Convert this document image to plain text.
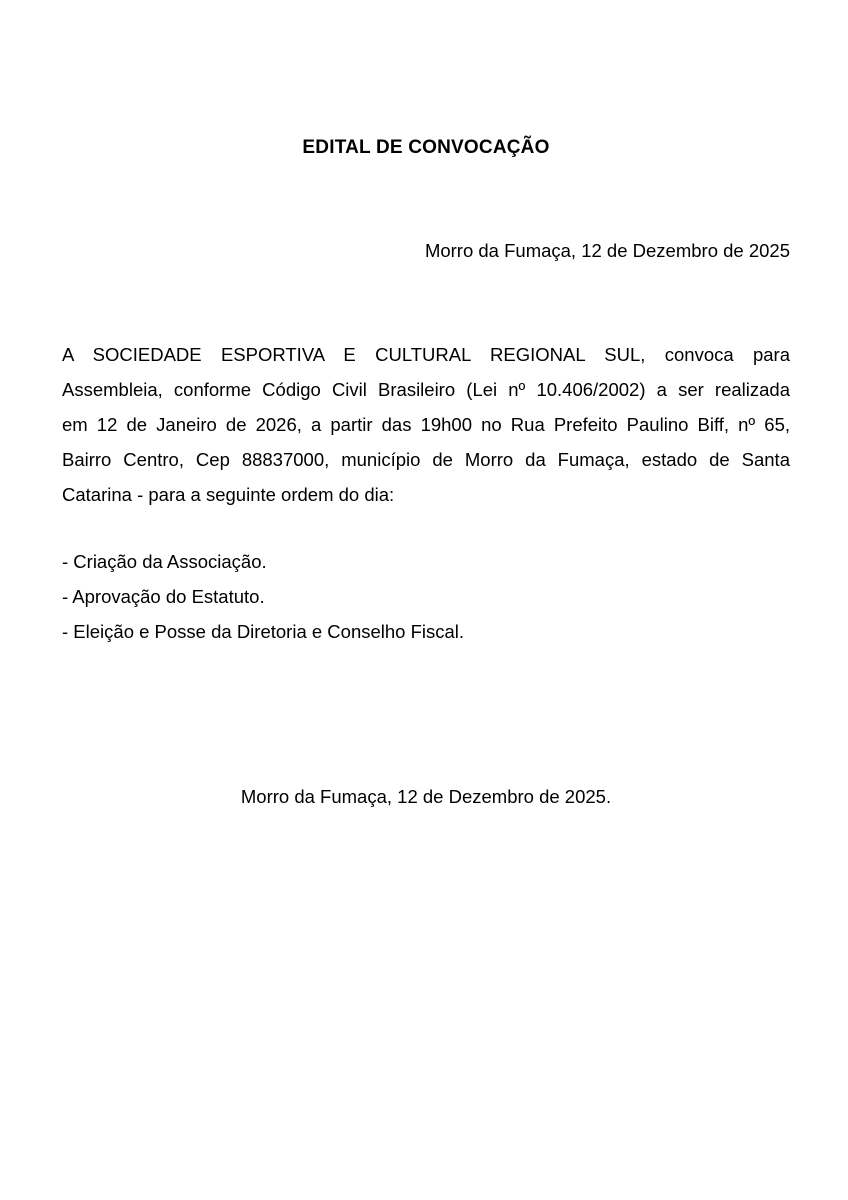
EDITAL DE CONVOCAÇÃO
Morro da Fumaça, 12 de Dezembro de 2025
A SOCIEDADE ESPORTIVA E CULTURAL REGIONAL SUL, convoca para
Assembleia, conforme Código Civil Brasileiro (Lei nº 10.406/2002) a ser realizada
em 12 de Janeiro de 2026, a partir das 19h00 no Rua Prefeito Paulino Biff, nº 65,
Bairro Centro, Cep 88837000, município de Morro da Fumaça, estado de Santa
Catarina - para a seguinte ordem do dia:
- Criação da Associação.
- Aprovação do Estatuto.
- Eleição e Posse da Diretoria e Conselho Fiscal.
Morro da Fumaça, 12 de Dezembro de 2025.
